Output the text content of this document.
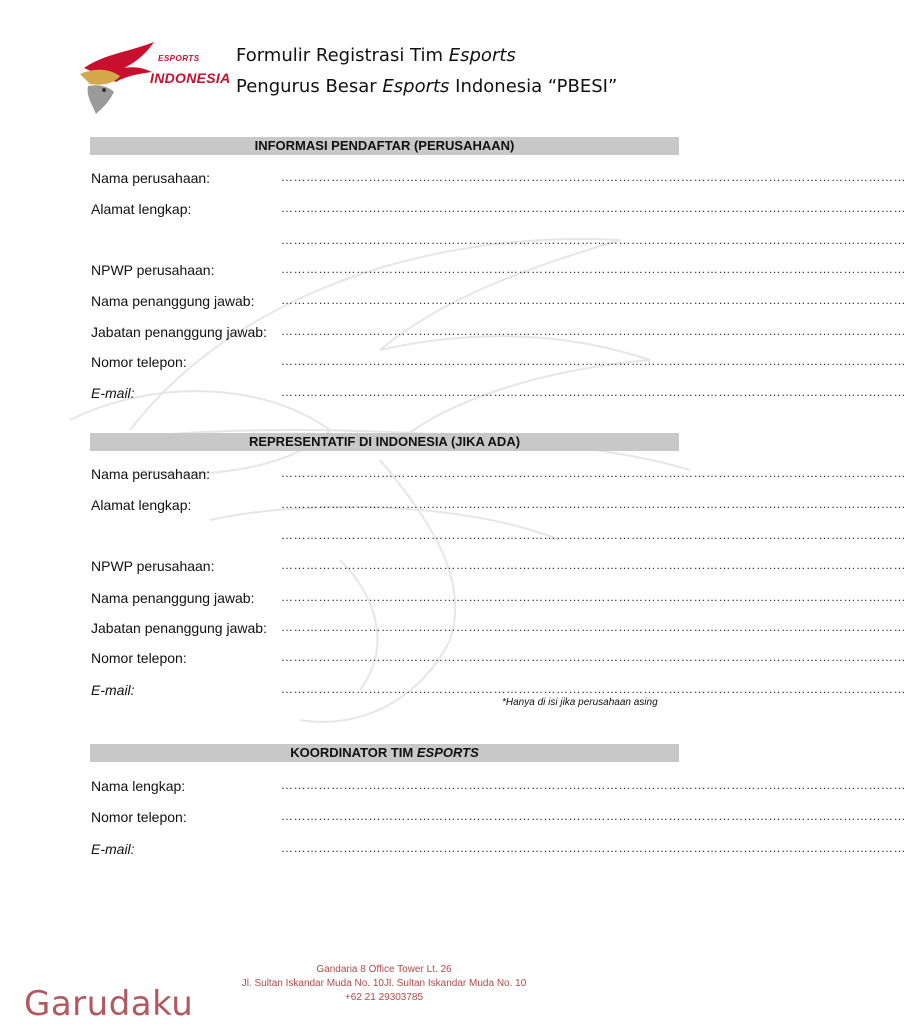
ESPORTS
INDONESIA
Formulir Registrasi Tim Esports
Pengurus Besar Esports Indonesia “PBESI”
INFORMASI PENDAFTAR (PERUSAHAAN)
Nama perusahaan:	……………………………………………………………………………………………………………………………………
Alamat lengkap:	……………………………………………………………………………………………………………………………………
……………………………………………………………………………………………………………………………………
NPWP perusahaan:	……………………………………………………………………………………………………………………………………
Nama penanggung jawab: ……………………………………………………………………………………………………………………………………
Jabatan penanggung jawab: ……………………………………………………………………………………………………………………………………
Nomor telepon:	……………………………………………………………………………………………………………………………………
E-mail:	……………………………………………………………………………………………………………………………………
REPRESENTATIF DI INDONESIA (JIKA ADA)
Nama perusahaan:	……………………………………………………………………………………………………………………………………
Alamat lengkap:	……………………………………………………………………………………………………………………………………
……………………………………………………………………………………………………………………………………
NPWP perusahaan:	……………………………………………………………………………………………………………………………………
Nama penanggung jawab: ……………………………………………………………………………………………………………………………………
Jabatan penanggung jawab: ……………………………………………………………………………………………………………………………………
Nomor telepon:	……………………………………………………………………………………………………………………………………
E-mail:	……………………………………………………………………………………………………………………………………
*Hanya di isi jika perusahaan asing
KOORDINATOR TIM ESPORTS
Nama lengkap:	……………………………………………………………………………………………………………………………………
Nomor telepon:	……………………………………………………………………………………………………………………………………
E-mail:	……………………………………………………………………………………………………………………………………
Gandaria 8 Office Tower Lt. 26
Jl. Sultan Iskandar Muda No. 10Jl. Sultan Iskandar Muda No. 10
+62 21 29303785
Garudaku
